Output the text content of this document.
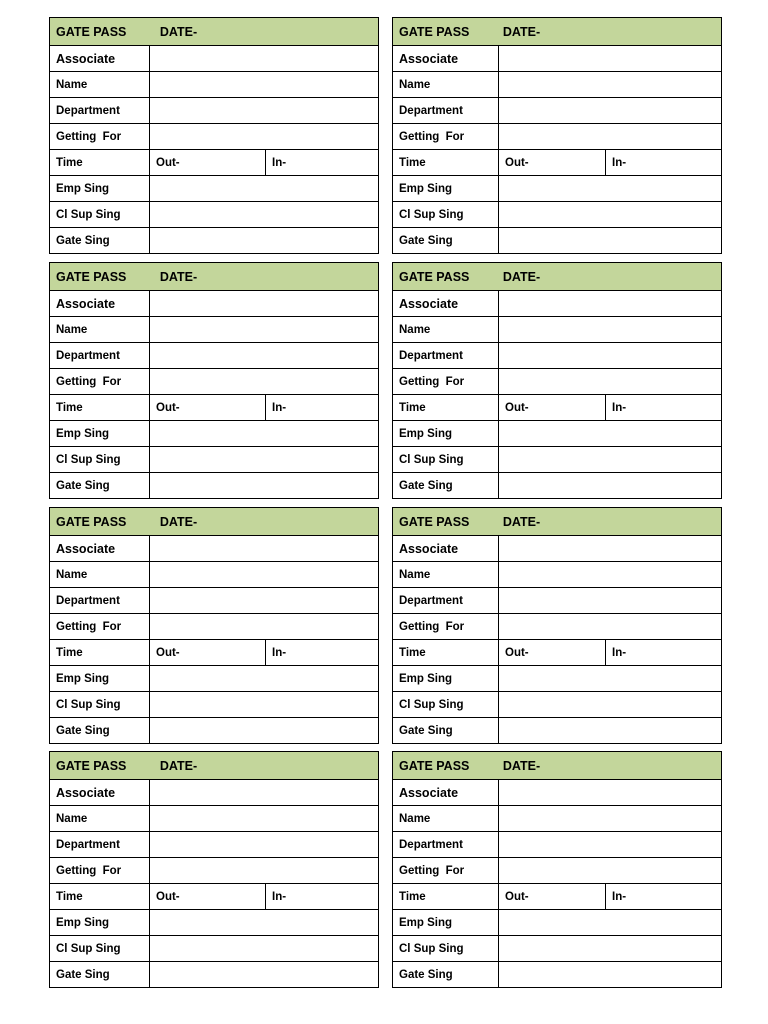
GATE PASS DATE-		
Associate		
Name		
Department		
Getting  For		
Time	Out-	In-
Emp Sing		
Cl Sup Sing		
Gate Sing		
GATE PASS DATE-		
Associate		
Name		
Department		
Getting  For		
Time	Out-	In-
Emp Sing		
Cl Sup Sing		
Gate Sing		
GATE PASS DATE-		
Associate		
Name		
Department		
Getting  For		
Time	Out-	In-
Emp Sing		
Cl Sup Sing		
Gate Sing		
GATE PASS DATE-		
Associate		
Name		
Department		
Getting  For		
Time	Out-	In-
Emp Sing		
Cl Sup Sing		
Gate Sing		
GATE PASS DATE-		
Associate		
Name		
Department		
Getting  For		
Time	Out-	In-
Emp Sing		
Cl Sup Sing		
Gate Sing		
GATE PASS DATE-		
Associate		
Name		
Department		
Getting  For		
Time	Out-	In-
Emp Sing		
Cl Sup Sing		
Gate Sing		
GATE PASS DATE-		
Associate		
Name		
Department		
Getting  For		
Time	Out-	In-
Emp Sing		
Cl Sup Sing		
Gate Sing		
GATE PASS DATE-		
Associate		
Name		
Department		
Getting  For		
Time	Out-	In-
Emp Sing		
Cl Sup Sing		
Gate Sing		
